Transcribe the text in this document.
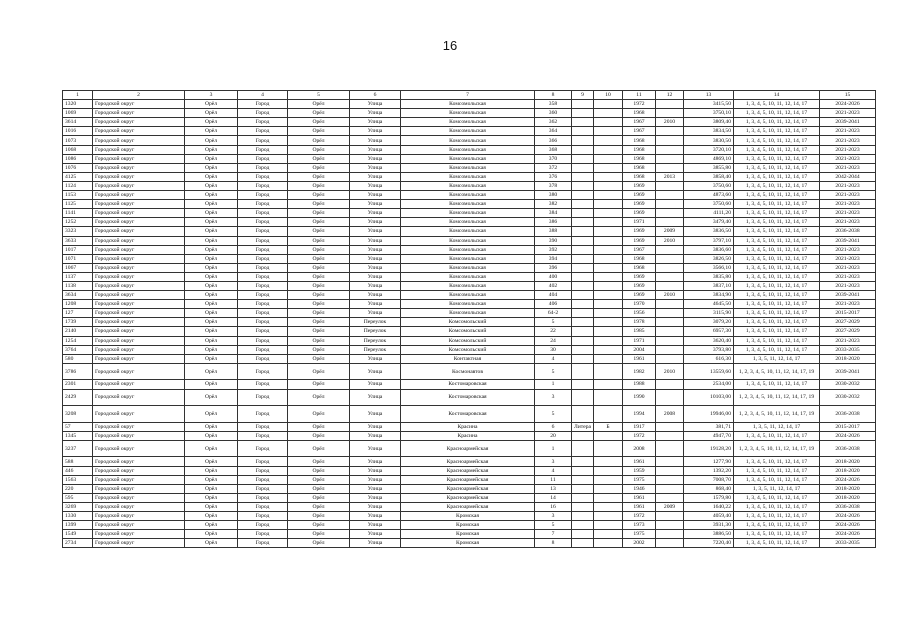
16
1	2	3	4	5	6	7	8	9	10	11	12	13	14	15
1320	Городской округ	Орёл	Город	Орёл	Улица	Комсомольская	358			1972		3415,50	1, 3, 4, 5, 10, 11, 12, 14, 17	2024-2026
1069	Городской округ	Орёл	Город	Орёл	Улица	Комсомольская	360			1968		3750,10	1, 3, 4, 5, 10, 11, 12, 14, 17	2021-2023
3614	Городской округ	Орёл	Город	Орёл	Улица	Комсомольская	362			1967	2010	3809,40	1, 3, 4, 5, 10, 11, 12, 14, 17	2039-2041
1016	Городской округ	Орёл	Город	Орёл	Улица	Комсомольская	364			1967		3834,50	1, 3, 4, 5, 10, 11, 12, 14, 17	2021-2023
1073	Городской округ	Орёл	Город	Орёл	Улица	Комсомольская	366			1968		3830,50	1, 3, 4, 5, 10, 11, 12, 14, 17	2021-2023
1068	Городской округ	Орёл	Город	Орёл	Улица	Комсомольская	368			1968		3720,10	1, 3, 4, 5, 10, 11, 12, 14, 17	2021-2023
1086	Городской округ	Орёл	Город	Орёл	Улица	Комсомольская	370			1968		4869,10	1, 3, 4, 5, 10, 11, 12, 14, 17	2021-2023
1076	Городской округ	Орёл	Город	Орёл	Улица	Комсомольская	372			1968		3855,80	1, 3, 4, 5, 10, 11, 12, 14, 17	2021-2023
4125	Городской округ	Орёл	Город	Орёл	Улица	Комсомольская	376			1968	2013	3858,40	1, 3, 4, 5, 10, 11, 12, 14, 17	2042-2044
1124	Городской округ	Орёл	Город	Орёл	Улица	Комсомольская	378			1969		3750,60	1, 3, 4, 5, 10, 11, 12, 14, 17	2021-2023
1153	Городской округ	Орёл	Город	Орёл	Улица	Комсомольская	380			1969		4873,60	1, 3, 4, 5, 10, 11, 12, 14, 17	2021-2023
1125	Городской округ	Орёл	Город	Орёл	Улица	Комсомольская	382			1969		3750,60	1, 3, 4, 5, 10, 11, 12, 14, 17	2021-2023
1141	Городской округ	Орёл	Город	Орёл	Улица	Комсомольская	384			1969		4111,20	1, 3, 4, 5, 10, 11, 12, 14, 17	2021-2023
1252	Городской округ	Орёл	Город	Орёл	Улица	Комсомольская	386			1971		3479,40	1, 3, 4, 5, 10, 11, 12, 14, 17	2021-2023
3323	Городской округ	Орёл	Город	Орёл	Улица	Комсомольская	388			1969	2009	3836,50	1, 3, 4, 5, 10, 11, 12, 14, 17	2036-2038
3633	Городской округ	Орёл	Город	Орёл	Улица	Комсомольская	390			1969	2010	3797,10	1, 3, 4, 5, 10, 11, 12, 14, 17	2039-2041
1017	Городской округ	Орёл	Город	Орёл	Улица	Комсомольская	392			1967		3836,60	1, 3, 4, 5, 10, 11, 12, 14, 17	2021-2023
1071	Городской округ	Орёл	Город	Орёл	Улица	Комсомольская	394			1968		3826,50	1, 3, 4, 5, 10, 11, 12, 14, 17	2021-2023
1067	Городской округ	Орёл	Город	Орёл	Улица	Комсомольская	396			1968		3566,10	1, 3, 4, 5, 10, 11, 12, 14, 17	2021-2023
1137	Городской округ	Орёл	Город	Орёл	Улица	Комсомольская	400			1969		3835,80	1, 3, 4, 5, 10, 11, 12, 14, 17	2021-2023
1138	Городской округ	Орёл	Город	Орёл	Улица	Комсомольская	402			1969		3837,10	1, 3, 4, 5, 10, 11, 12, 14, 17	2021-2023
3634	Городской округ	Орёл	Город	Орёл	Улица	Комсомольская	404			1969	2010	3834,90	1, 3, 4, 5, 10, 11, 12, 14, 17	2039-2041
1208	Городской округ	Орёл	Город	Орёл	Улица	Комсомольская	406			1970		4645,50	1, 3, 4, 5, 10, 11, 12, 14, 17	2021-2023
127	Городской округ	Орёл	Город	Орёл	Улица	Комсомольская	64-2			1956		3115,90	1, 3, 4, 5, 10, 11, 12, 14, 17	2015-2017
1739	Городской округ	Орёл	Город	Орёл	Переулок	Комсомольский	5			1978		3079,20	1, 3, 4, 5, 10, 11, 12, 14, 17	2027-2029
2140	Городской округ	Орёл	Город	Орёл	Переулок	Комсомольский	22			1985		6957,30	1, 3, 4, 5, 10, 11, 12, 14, 17	2027-2029
1254	Городской округ	Орёл	Город	Орёл	Переулок	Комсомольский	24			1971		3620,40	1, 3, 4, 5, 10, 11, 12, 14, 17	2021-2023
3764	Городской округ	Орёл	Город	Орёл	Переулок	Комсомольский	30			2004		3793,80	1, 3, 4, 5, 10, 11, 12, 14, 17	2033-2035
580	Городской округ	Орёл	Город	Орёл	Улица	Контактная	4			1961		616,30	1, 3, 5, 11, 12, 14, 17	2018-2020
3786	Городской округ	Орёл	Город	Орёл	Улица	Космонавтов	5			1982	2010	13559,60	1, 2, 3, 4, 5, 10, 11, 12, 14, 17, 19	2039-2041
2301	Городской округ	Орёл	Город	Орёл	Улица	Костомаровская	1			1988		2534,00	1, 3, 4, 5, 10, 11, 12, 14, 17	2030-2032
2429	Городской округ	Орёл	Город	Орёл	Улица	Костомаровская	3			1990		10103,00	1, 2, 3, 4, 5, 10, 11, 12, 14, 17, 19	2030-2032
3208	Городской округ	Орёл	Город	Орёл	Улица	Костомаровская	5			1994	2008	19946,00	1, 2, 3, 4, 5, 10, 11, 12, 14, 17, 19	2036-2038
57	Городской округ	Орёл	Город	Орёл	Улица	Красина	6	Литера	Б	1917		381,71	1, 3, 5, 11, 12, 14, 17	2015-2017
1345	Городской округ	Орёл	Город	Орёл	Улица	Красина	20			1972		4947,70	1, 3, 4, 5, 10, 11, 12, 14, 17	2024-2026
3237	Городской округ	Орёл	Город	Орёл	Улица	Красноармейская	1			2008		19128,20	1, 2, 3, 4, 5, 10, 11, 12, 14, 17, 19	2036-2038
588	Городской округ	Орёл	Город	Орёл	Улица	Красноармейская	3			1961		1277,90	1, 3, 4, 5, 10, 11, 12, 14, 17	2018-2020
446	Городской округ	Орёл	Город	Орёл	Улица	Красноармейская	4			1959		1392,20	1, 3, 4, 5, 10, 11, 12, 14, 17	2018-2020
1563	Городской округ	Орёл	Город	Орёл	Улица	Красноармейская	11			1975		7008,70	1, 3, 4, 5, 10, 11, 12, 14, 17	2024-2026
220	Городской округ	Орёл	Город	Орёл	Улица	Красноармейская	13			1946		868,40	1, 3, 5, 11, 12, 14, 17	2018-2020
595	Городской округ	Орёл	Город	Орёл	Улица	Красноармейская	14			1961		1579,80	1, 3, 4, 5, 10, 11, 12, 14, 17	2018-2020
3269	Городской округ	Орёл	Город	Орёл	Улица	Красноармейская	16			1961	2009	1640,22	1, 3, 4, 5, 10, 11, 12, 14, 17	2036-2038
1330	Городской округ	Орёл	Город	Орёл	Улица	Кромская	3			1972		4059,40	1, 3, 4, 5, 10, 11, 12, 14, 17	2024-2026
1399	Городской округ	Орёл	Город	Орёл	Улица	Кромская	5			1973		3931,30	1, 3, 4, 5, 10, 11, 12, 14, 17	2024-2026
1549	Городской округ	Орёл	Город	Орёл	Улица	Кромская	7			1975		3886,50	1, 3, 4, 5, 10, 11, 12, 14, 17	2024-2026
2734	Городской округ	Орёл	Город	Орёл	Улица	Кромская	8			2002		7220,40	1, 3, 4, 5, 10, 11, 12, 14, 17	2033-2035
